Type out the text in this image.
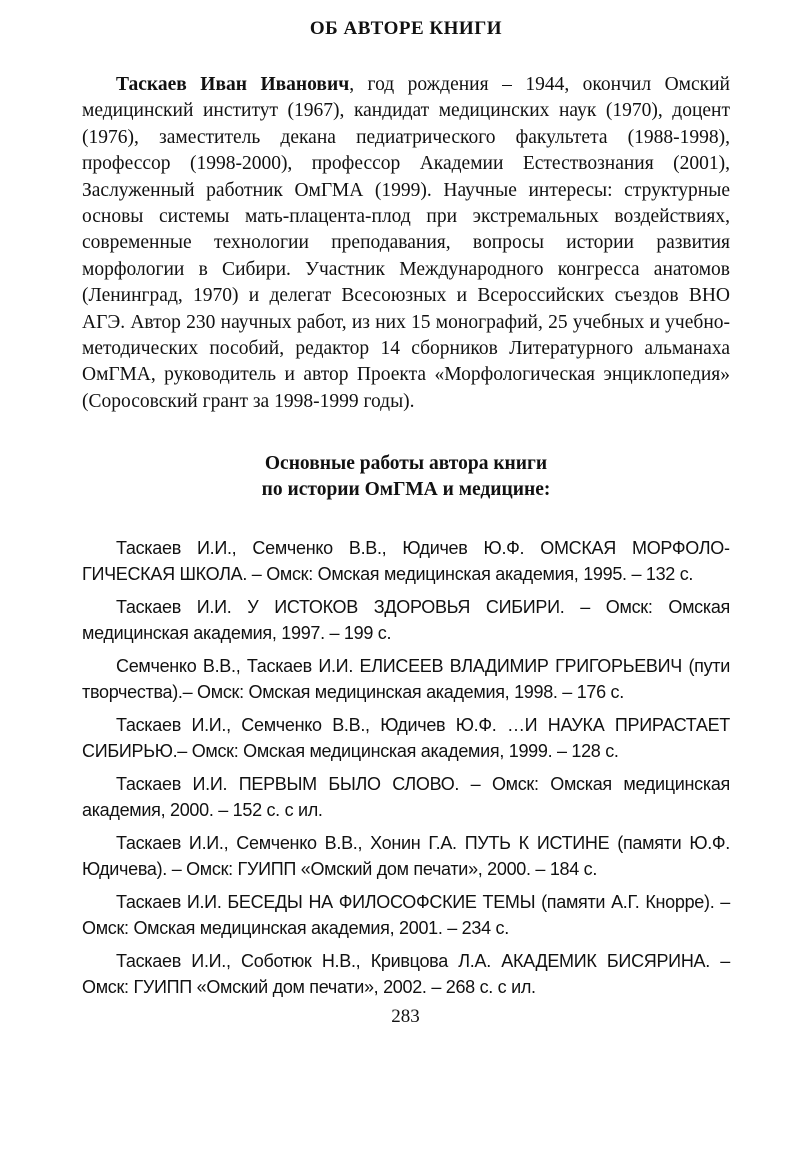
ОБ АВТОРЕ КНИГИ

Таскаев Иван Иванович, год рождения – 1944, окончил Омский медицинский институт (1967), кандидат медицинских наук (1970), доцент (1976), заместитель декана педиатрического факультета (1988-1998), профессор (1998-2000), профессор Академии Естествознания (2001), Заслуженный работник ОмГМА (1999). Научные интересы: структурные основы системы мать-плацента-плод при экстремальных воздействиях, современные технологии преподавания, вопросы истории развития морфологии в Сибири. Участник Международного конгресса анатомов (Ленинград, 1970) и делегат Всесоюзных и Всероссийских съездов ВНО АГЭ. Автор 230 научных работ, из них 15 монографий, 25 учебных и учебно-методических пособий, редактор 14 сборников Литературного альманаха ОмГМА, руководитель и автор Проекта «Морфологическая энциклопедия» (Соросовский грант за 1998-1999 годы).

Основные работы автора книги
по истории ОмГМА и медицине:
Таскаев И.И., Семченко В.В., Юдичев Ю.Ф. ОМСКАЯ МОРФОЛОГИЧЕСКАЯ ШКОЛА. – Омск: Омская медицинская академия, 1995. – 132 с.
Таскаев И.И. У ИСТОКОВ ЗДОРОВЬЯ СИБИРИ. – Омск: Омская медицинская академия, 1997. – 199 с.
Семченко В.В., Таскаев И.И. ЕЛИСЕЕВ ВЛАДИМИР ГРИГОРЬЕВИЧ (пути творчества).– Омск: Омская медицинская академия, 1998. – 176 с.
Таскаев И.И., Семченко В.В., Юдичев Ю.Ф. …И НАУКА ПРИРАСТАЕТ СИБИРЬЮ.– Омск: Омская медицинская академия, 1999. – 128 с.
Таскаев И.И. ПЕРВЫМ БЫЛО СЛОВО. – Омск: Омская медицинская академия, 2000. – 152 с. с ил.
Таскаев И.И., Семченко В.В., Хонин Г.А. ПУТЬ К ИСТИНЕ (памяти Ю.Ф. Юдичева). – Омск: ГУИПП «Омский дом печати», 2000. – 184 с.
Таскаев И.И. БЕСЕДЫ НА ФИЛОСОФСКИЕ ТЕМЫ (памяти А.Г. Кнорре). – Омск: Омская медицинская академия, 2001. – 234 с.
Таскаев И.И., Соботюк Н.В., Кривцова Л.А. АКАДЕМИК БИСЯРИНА. – Омск: ГУИПП «Омский дом печати», 2002. – 268 с. с ил.
283
